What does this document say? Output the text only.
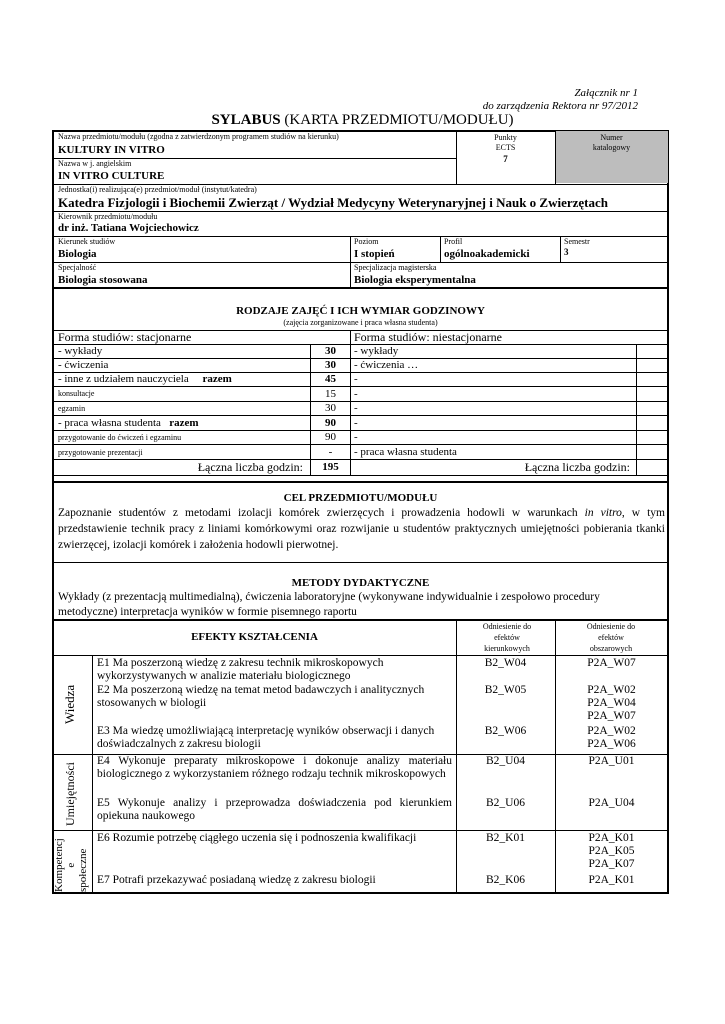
Załącznik nr 1
do zarządzenia Rektora nr 97/2012
SYLABUS (KARTA PRZEDMIOTU/MODUŁU)
Nazwa przedmiotu/modułu (zgodna z zatwierdzonym programem studiów na kierunku)
KULTURY IN VITRO
Punkty
ECTS
7
Numer
katalogowy
Nazwa w j. angielskim
IN VITRO CULTURE
Jednostka(i) realizująca(e) przedmiot/moduł (instytut/katedra)
Katedra Fizjologii i Biochemii Zwierząt / Wydział Medycyny Weterynaryjnej i Nauk o Zwierzętach
Kierownik przedmiotu/modułu
dr inż. Tatiana Wojciechowicz
Kierunek studiów
Biologia
Poziom
I stopień
Profil
ogólnoakademicki
Semestr
3
Specjalność
Biologia stosowana
Specjalizacja magisterska
Biologia eksperymentalna
RODZAJE ZAJĘĆ I ICH WYMIAR GODZINOWY
(zajęcia zorganizowane i praca własna studenta)
Forma studiów: stacjonarne	Forma studiów: niestacjonarne
- wykłady	30	- wykłady
- ćwiczenia	30	- ćwiczenia …
- inne z udziałem nauczyciela razem	45	-
konsultacje	15	-
egzamin	30	-
- praca własna studenta razem	90	-
przygotowanie do ćwiczeń i egzaminu	90	-
przygotowanie prezentacji	-	- praca własna studenta
Łączna liczba godzin:	195	Łączna liczba godzin:
CEL PRZEDMIOTU/MODUŁU
Zapoznanie studentów z metodami izolacji komórek zwierzęcych i prowadzenia hodowli w warunkach in vitro, w tym przedstawienie technik pracy z liniami komórkowymi oraz rozwijanie u studentów praktycznych umiejętności pobierania tkanki zwierzęcej, izolacji komórek i założenia hodowli pierwotnej.
METODY DYDAKTYCZNE
Wykłady (z prezentacją multimedialną), ćwiczenia laboratoryjne (wykonywane indywidualnie i zespołowo procedury metodyczne) interpretacja wyników w formie pisemnego raportu
EFEKTY KSZTAŁCENIA
Odniesienie do efektów kierunkowych
Odniesienie do efektów obszarowych
Wiedza
Umiejętności
Kompetencj e społeczne
E1 Ma poszerzoną wiedzę z zakresu technik mikroskopowych wykorzystywanych w analizie materiału biologicznego
B2_W04	P2A_W07
E2 Ma poszerzoną wiedzę na temat metod badawczych i analitycznych stosowanych w biologii
B2_W05	P2A_W02
P2A_W04
P2A_W07
E3 Ma wiedzę umożliwiającą interpretację wyników obserwacji i danych doświadczalnych z zakresu biologii
B2_W06	P2A_W02
P2A_W06
E4 Wykonuje preparaty mikroskopowe i dokonuje analizy materiału biologicznego z wykorzystaniem różnego rodzaju technik mikroskopowych
B2_U04	P2A_U01
E5 Wykonuje analizy i przeprowadza doświadczenia pod kierunkiem opiekuna naukowego
B2_U06	P2A_U04
E6 Rozumie potrzebę ciągłego uczenia się i podnoszenia kwalifikacji	B2_K01	P2A_K01
P2A_K05
P2A_K07
E7 Potrafi przekazywać posiadaną wiedzę z zakresu biologii	B2_K06	P2A_K01
